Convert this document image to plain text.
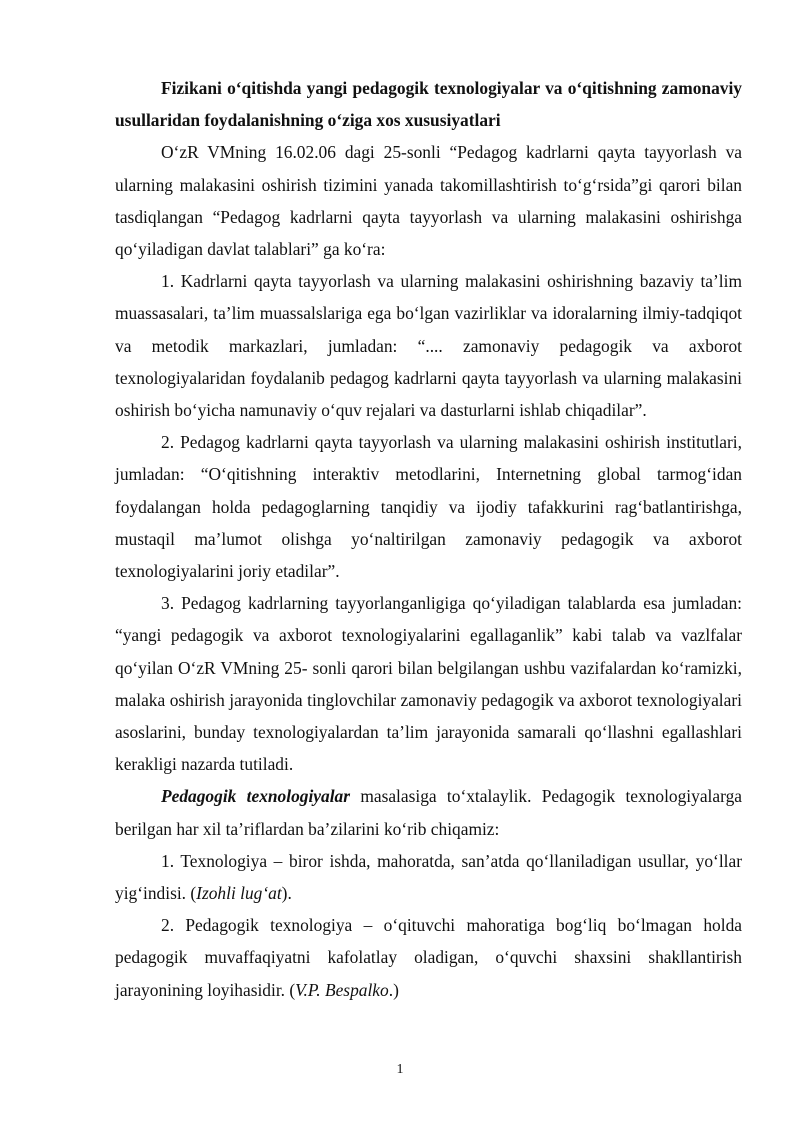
Fizikani o‘qitishda yangi pedagogik texnologiyalar va o‘qitishning zamonaviy usullaridan foydalanishning o‘ziga xos xususiyatlari

O‘zR VMning 16.02.06 dagi 25-sonli “Pedagog kadrlarni qayta tayyorlash va ularning malakasini oshirish tizimini yanada takomillashtirish to‘g‘rsida”gi qarori bilan tasdiqlangan “Pedagog kadrlarni qayta tayyorlash va ularning malakasini oshirishga qo‘yiladigan davlat talablari” ga ko‘ra:

1. Kadrlarni qayta tayyorlash va ularning malakasini oshirishning bazaviy ta’lim muassasalari, ta’lim muassalslariga ega bo‘lgan vazirliklar va idoralarning ilmiy-tadqiqot va metodik markazlari, jumladan: “.... zamonaviy pedagogik va axborot texnologiyalaridan foydalanib pedagog kadrlarni qayta tayyorlash va ularning malakasini oshirish bo‘yicha namunaviy o‘quv rejalari va dasturlarni ishlab chiqadilar”.

2. Pedagog kadrlarni qayta tayyorlash va ularning malakasini oshirish institutlari, jumladan: “O‘qitishning interaktiv metodlarini, Internetning global tarmog‘idan foydalangan holda pedagoglarning tanqidiy va ijodiy tafakkurini rag‘batlantirishga, mustaqil ma’lumot olishga yo‘naltirilgan zamonaviy pedagogik va axborot texnologiyalarini joriy etadilar”.

3. Pedagog kadrlarning tayyorlanganligiga qo‘yiladigan talablarda esa jumladan: “yangi pedagogik va axborot texnologiyalarini egallaganlik” kabi talab va vazlfalar qo‘yilan O‘zR VMning 25- sonli qarori bilan belgilangan ushbu vazifalardan ko‘ramizki, malaka oshirish jarayonida tinglovchilar zamonaviy pedagogik va axborot texnologiyalari asoslarini, bunday texnologiyalardan ta’lim jarayonida samarali qo‘llashni egallashlari kerakligi nazarda tutiladi.

Pedagogik texnologiyalar masalasiga to‘xtalaylik. Pedagogik texnologiyalarga berilgan har xil ta’riflardan ba’zilarini ko‘rib chiqamiz:

1. Texnologiya – biror ishda, mahoratda, san’atda qo‘llaniladigan usullar, yo‘llar yig‘indisi. (Izohli lug‘at).

2. Pedagogik texnologiya – o‘qituvchi mahoratiga bog‘liq bo‘lmagan holda pedagogik muvaffaqiyatni kafolatlay oladigan, o‘quvchi shaxsini shakllantirish jarayonining loyihasidir. (V.P. Bespalko.)

1
